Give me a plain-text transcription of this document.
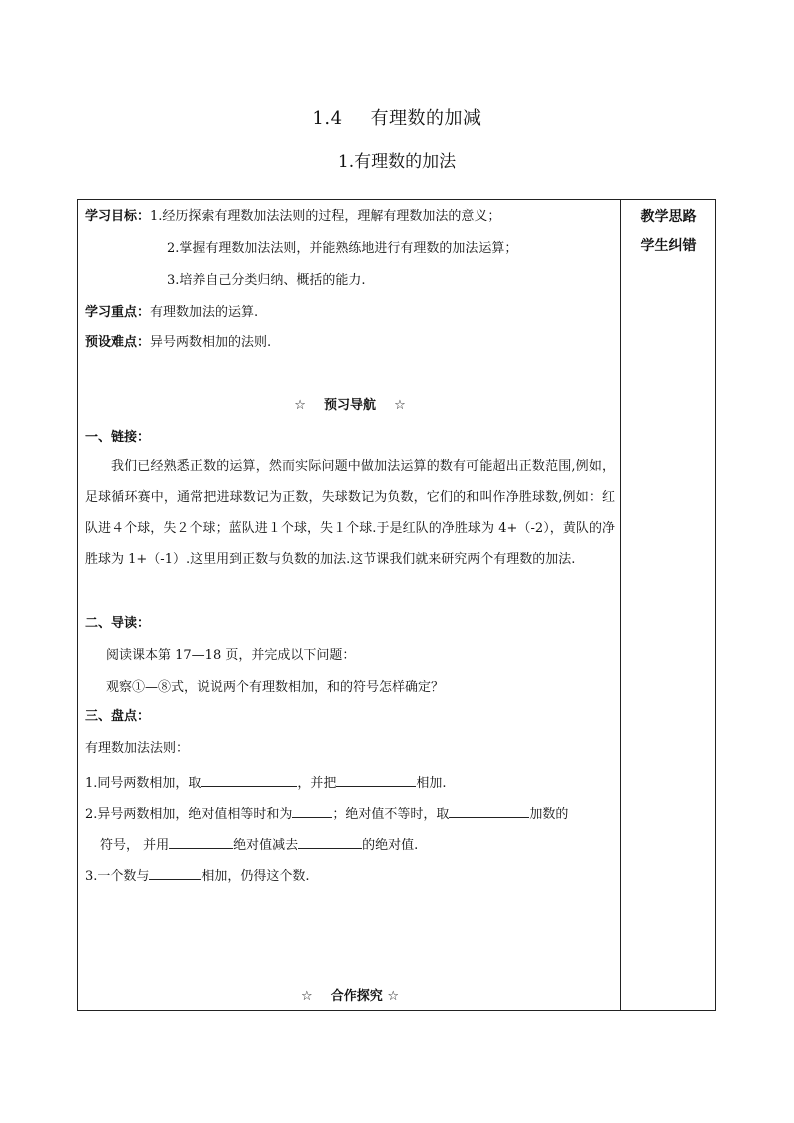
1.4 有理数的加减
1.有理数的加法
教学思路
学生纠错
学习目标：1.经历探索有理数加法法则的过程，理解有理数加法的意义；
2.掌握有理数加法法则，并能熟练地进行有理数的加法运算；
3.培养自己分类归纳、概括的能力.
学习重点：有理数加法的运算.
预设难点：异号两数相加的法则.
☆ 预习导航 ☆
一、链接：
我们已经熟悉正数的运算，然而实际问题中做加法运算的数有可能超出正数范围,例如，足球循环赛中，通常把进球数记为正数，失球数记为负数，它们的和叫作净胜球数,例如：红队进４个球，失２个球；蓝队进１个球，失１个球.于是红队的净胜球为 4+（-2），黄队的净胜球为 1+（-1）.这里用到正数与负数的加法.这节课我们就来研究两个有理数的加法.
二、导读：
阅读课本第 17—18 页，并完成以下问题：
观察①—⑧式，说说两个有理数相加，和的符号怎样确定？
三、盘点：
有理数加法法则：
1.同号两数相加，取	，并把	相加.
2.异号两数相加，绝对值相等时和为	；绝对值不等时，取	加数的
符号， 并用	绝对值减去	的绝对值.
3.一个数与	相加，仍得这个数.
☆ 合作探究 ☆
